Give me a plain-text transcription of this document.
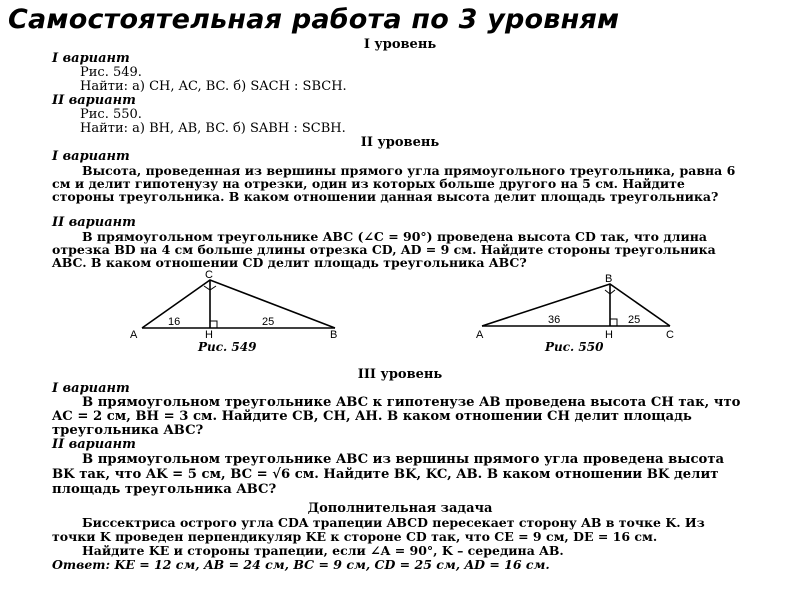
Самостоятельная работа по 3 уровням
I уровень
I вариант
Рис. 549.
Найти: а) CH, AC, BC. б) SACH : SBCH.
II вариант
Рис. 550.
Найти: а) BH, AB, BC. б) SABH : SCBH.
II уровень
I вариант
Высота, проведенная из вершины прямого угла прямоугольного треугольника, равна 6 см и делит гипотенузу на отрезки, один из которых больше другого на 5 см. Найдите стороны треугольника. В каком отношении данная высота делит площадь треугольника?
II вариант
В прямоугольном треугольнике ABC (∠C = 90°) проведена высота CD так, что длина отрезка BD на 4 см больше длины отрезка CD, AD = 9 см. Найдите стороны треугольника ABC. В каком отношении CD делит площадь треугольника ABC?
A
C
H	B
16	25
A
B
H	C
36	25
Рис. 549	Рис. 550
III уровень
I вариант
В прямоугольном треугольнике ABC к гипотенузе AB проведена высота CH так, что AC = 2 см, BH = 3 см. Найдите CB, CH, AH. В каком отношении CH делит площадь треугольника ABC?
II вариант
В прямоугольном треугольнике ABC из вершины прямого угла проведена высота BK так, что AK = 5 см, BC = √6 см. Найдите BK, KC, AB. В каком отношении BK делит площадь треугольника ABC?
Дополнительная задача
Биссектриса острого угла CDA трапеции ABCD пересекает сторону AB в точке K. Из точки K проведен перпендикуляр KE к стороне CD так, что CE = 9 см, DE = 16 см.
Найдите KE и стороны трапеции, если ∠A = 90°, K – середина AB.
Ответ: KE = 12 см, AB = 24 см, BC = 9 см, CD = 25 см, AD = 16 см.
